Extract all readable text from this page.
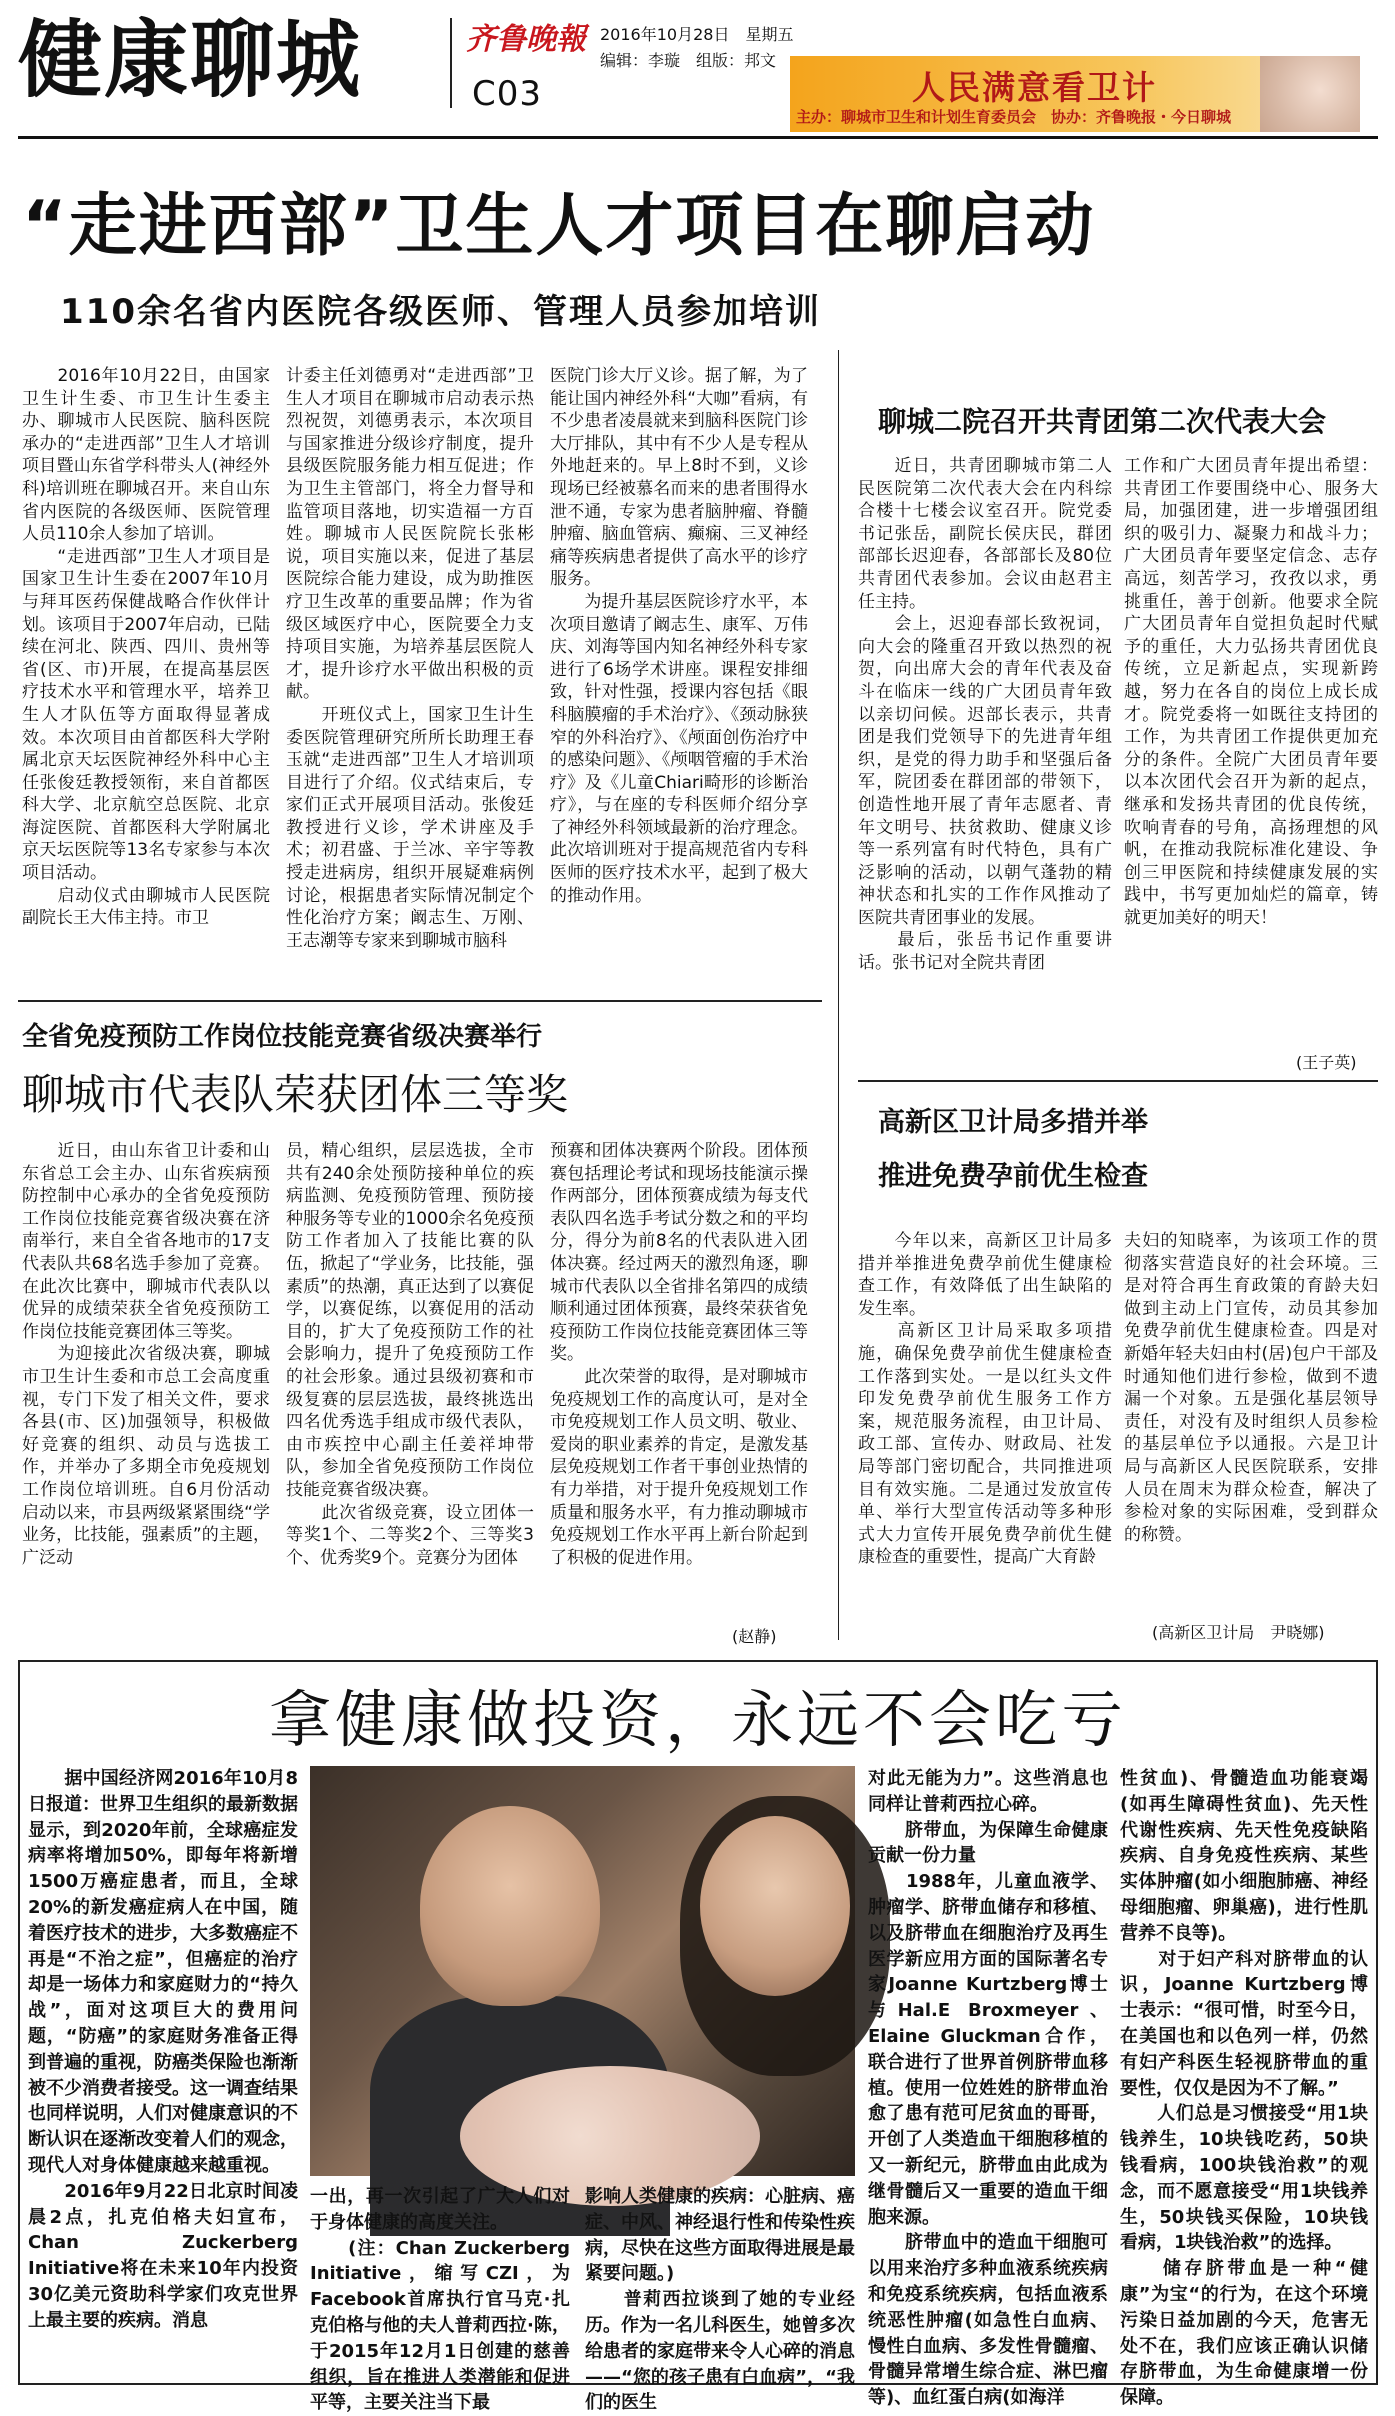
健康聊城	齐鲁晚報 2016年10月28日　星期五
编辑：李璇　组版：邦文
C03	人民满意看卫计
主办：聊城市卫生和计划生育委员会　协办：齐鲁晚报・今日聊城
“走进西部”卫生人才项目在聊启动
110余名省内医院各级医师、管理人员参加培训
　　2016年10月22日，由国家卫生计生委、市卫生计生委主办、聊城市人民医院、脑科医院承办的“走进西部”卫生人才培训项目暨山东省学科带头人(神经外科)培训班在聊城召开。来自山东省内医院的各级医师、医院管理人员110余人参加了培训。
　　“走进西部”卫生人才项目是国家卫生计生委在2007年10月与拜耳医药保健战略合作伙伴计划。该项目于2007年启动，已陆续在河北、陕西、四川、贵州等省(区、市)开展，在提高基层医疗技术水平和管理水平，培养卫生人才队伍等方面取得显著成效。本次项目由首都医科大学附属北京天坛医院神经外科中心主任张俊廷教授领衔，来自首都医科大学、北京航空总医院、北京海淀医院、首都医科大学附属北京天坛医院等13名专家参与本次项目活动。
　　启动仪式由聊城市人民医院副院长王大伟主持。市卫
计委主任刘德勇对“走进西部”卫生人才项目在聊城市启动表示热烈祝贺，刘德勇表示，本次项目与国家推进分级诊疗制度，提升县级医院服务能力相互促进；作为卫生主管部门，将全力督导和监管项目落地，切实造福一方百姓。聊城市人民医院院长张彬说，项目实施以来，促进了基层医院综合能力建设，成为助推医疗卫生改革的重要品牌；作为省级区域医疗中心，医院要全力支持项目实施，为培养基层医院人才，提升诊疗水平做出积极的贡献。
　　开班仪式上，国家卫生计生委医院管理研究所所长助理王春玉就“走进西部”卫生人才培训项目进行了介绍。仪式结束后，专家们正式开展项目活动。张俊廷教授进行义诊，学术讲座及手术；初君盛、于兰冰、辛宇等教授走进病房，组织开展疑难病例讨论，根据患者实际情况制定个性化治疗方案；阚志生、万刚、王志潮等专家来到聊城市脑科
医院门诊大厅义诊。据了解，为了能让国内神经外科“大咖”看病，有不少患者凌晨就来到脑科医院门诊大厅排队，其中有不少人是专程从外地赶来的。早上8时不到，义诊现场已经被慕名而来的患者围得水泄不通，专家为患者脑肿瘤、脊髓肿瘤、脑血管病、癫痫、三叉神经痛等疾病患者提供了高水平的诊疗服务。
　　为提升基层医院诊疗水平，本次项目邀请了阚志生、康军、万伟庆、刘海等国内知名神经外科专家进行了6场学术讲座。课程安排细致，针对性强，授课内容包括《眼科脑膜瘤的手术治疗》、《颈动脉狭窄的外科治疗》、《颅面创伤治疗中的感染问题》、《颅咽管瘤的手术治疗》及《儿童Chiari畸形的诊断治疗》，与在座的专科医师介绍分享了神经外科领域最新的治疗理念。此次培训班对于提高规范省内专科医师的医疗技术水平，起到了极大的推动作用。
聊城二院召开共青团第二次代表大会
　　近日，共青团聊城市第二人民医院第二次代表大会在内科综合楼十七楼会议室召开。院党委书记张岳，副院长侯庆民，群团部部长迟迎春，各部部长及80位共青团代表参加。会议由赵君主任主持。
　　会上，迟迎春部长致祝词，向大会的隆重召开致以热烈的祝贺，向出席大会的青年代表及奋斗在临床一线的广大团员青年致以亲切问候。迟部长表示，共青团是我们党领导下的先进青年组织，是党的得力助手和坚强后备军，院团委在群团部的带领下，创造性地开展了青年志愿者、青年文明号、扶贫救助、健康义诊等一系列富有时代特色，具有广泛影响的活动，以朝气蓬勃的精神状态和扎实的工作作风推动了医院共青团事业的发展。
　　最后，张岳书记作重要讲话。张书记对全院共青团
工作和广大团员青年提出希望：共青团工作要围绕中心、服务大局，加强团建，进一步增强团组织的吸引力、凝聚力和战斗力；广大团员青年要坚定信念、志存高远，刻苦学习，孜孜以求，勇挑重任，善于创新。他要求全院广大团员青年自觉担负起时代赋予的重任，大力弘扬共青团优良传统，立足新起点，实现新跨越，努力在各自的岗位上成长成才。院党委将一如既往支持团的工作，为共青团工作提供更加充分的条件。全院广大团员青年要以本次团代会召开为新的起点，继承和发扬共青团的优良传统，吹响青春的号角，高扬理想的风帆，在推动我院标准化建设、争创三甲医院和持续健康发展的实践中，书写更加灿烂的篇章，铸就更加美好的明天！
(王子英)
全省免疫预防工作岗位技能竞赛省级决赛举行
聊城市代表队荣获团体三等奖
　　近日，由山东省卫计委和山东省总工会主办、山东省疾病预防控制中心承办的全省免疫预防工作岗位技能竞赛省级决赛在济南举行，来自全省各地市的17支代表队共68名选手参加了竞赛。在此次比赛中，聊城市代表队以优异的成绩荣获全省免疫预防工作岗位技能竞赛团体三等奖。
　　为迎接此次省级决赛，聊城市卫生计生委和市总工会高度重视，专门下发了相关文件，要求各县(市、区)加强领导，积极做好竞赛的组织、动员与选拔工作，并举办了多期全市免疫规划工作岗位培训班。自6月份活动启动以来，市县两级紧紧围绕“学业务，比技能，强素质”的主题，广泛动
员，精心组织，层层选拔，全市共有240余处预防接种单位的疾病监测、免疫预防管理、预防接种服务等专业的1000余名免疫预防工作者加入了技能比赛的队伍，掀起了“学业务，比技能，强素质”的热潮，真正达到了以赛促学，以赛促练，以赛促用的活动目的，扩大了免疫预防工作的社会影响力，提升了免疫预防工作的社会形象。通过县级初赛和市级复赛的层层选拔，最终挑选出四名优秀选手组成市级代表队，由市疾控中心副主任姜祥坤带队，参加全省免疫预防工作岗位技能竞赛省级决赛。
　　此次省级竞赛，设立团体一等奖1个、二等奖2个、三等奖3个、优秀奖9个。竞赛分为团体
预赛和团体决赛两个阶段。团体预赛包括理论考试和现场技能演示操作两部分，团体预赛成绩为每支代表队四名选手考试分数之和的平均分，得分为前8名的代表队进入团体决赛。经过两天的激烈角逐，聊城市代表队以全省排名第四的成绩顺利通过团体预赛，最终荣获省免疫预防工作岗位技能竞赛团体三等奖。
　　此次荣誉的取得，是对聊城市免疫规划工作的高度认可，是对全市免疫规划工作人员文明、敬业、爱岗的职业素养的肯定，是激发基层免疫规划工作者干事创业热情的有力举措，对于提升免疫规划工作质量和服务水平，有力推动聊城市免疫规划工作水平再上新台阶起到了积极的促进作用。
(赵静)
高新区卫计局多措并举
推进免费孕前优生检查
　　今年以来，高新区卫计局多措并举推进免费孕前优生健康检查工作，有效降低了出生缺陷的发生率。
　　高新区卫计局采取多项措施，确保免费孕前优生健康检查工作落到实处。一是以红头文件印发免费孕前优生服务工作方案，规范服务流程，由卫计局、政工部、宣传办、财政局、社发局等部门密切配合，共同推进项目有效实施。二是通过发放宣传单、举行大型宣传活动等多种形式大力宣传开展免费孕前优生健康检查的重要性，提高广大育龄
夫妇的知晓率，为该项工作的贯彻落实营造良好的社会环境。三是对符合再生育政策的育龄夫妇做到主动上门宣传，动员其参加免费孕前优生健康检查。四是对新婚年轻夫妇由村(居)包户干部及时通知他们进行参检，做到不遗漏一个对象。五是强化基层领导责任，对没有及时组织人员参检的基层单位予以通报。六是卫计局与高新区人民医院联系，安排人员在周末为群众检查，解决了参检对象的实际困难，受到群众的称赞。
(高新区卫计局　尹晓娜)
拿健康做投资，永远不会吃亏
　　据中国经济网2016年10月8日报道：世界卫生组织的最新数据显示，到2020年前，全球癌症发病率将增加50%，即每年将新增1500万癌症患者，而且，全球20%的新发癌症病人在中国，随着医疗技术的进步，大多数癌症不再是“不治之症”，但癌症的治疗却是一场体力和家庭财力的“持久战”，面对这项巨大的费用问题，“防癌”的家庭财务准备正得到普遍的重视，防癌类保险也渐渐被不少消费者接受。这一调查结果也同样说明，人们对健康意识的不断认识在逐渐改变着人们的观念，现代人对身体健康越来越重视。
　　2016年9月22日北京时间凌晨2点，扎克伯格夫妇宣布，Chan Zuckerberg Initiative将在未来10年内投资30亿美元资助科学家们攻克世界上最主要的疾病。消息
一出，再一次引起了广大人们对于身体健康的高度关注。
　　(注：Chan Zuckerberg Initiative，缩写CZI，为Facebook首席执行官马克·扎克伯格与他的夫人普莉西拉·陈，于2015年12月1日创建的慈善组织，旨在推进人类潜能和促进平等，主要关注当下最
影响人类健康的疾病：心脏病、癌症、中风、神经退行性和传染性疾病，尽快在这些方面取得进展是最紧要问题。)
　　普莉西拉谈到了她的专业经历。作为一名儿科医生，她曾多次给患者的家庭带来令人心碎的消息——“您的孩子患有白血病”，“我们的医生
对此无能为力”。这些消息也同样让普莉西拉心碎。
　　脐带血，为保障生命健康贡献一份力量
　　1988年，儿童血液学、肿瘤学、脐带血储存和移植、以及脐带血在细胞治疗及再生医学新应用方面的国际著名专家Joanne Kurtzberg博士与Hal.E Broxmeyer、Elaine Gluckman合作，联合进行了世界首例脐带血移植。使用一位姓姓的脐带血治愈了患有范可尼贫血的哥哥，开创了人类造血干细胞移植的又一新纪元，脐带血由此成为继骨髓后又一重要的造血干细胞来源。
　　脐带血中的造血干细胞可以用来治疗多种血液系统疾病和免疫系统疾病，包括血液系统恶性肿瘤(如急性白血病、慢性白血病、多发性骨髓瘤、骨髓异常增生综合症、淋巴瘤等)、血红蛋白病(如海洋
性贫血)、骨髓造血功能衰竭(如再生障碍性贫血)、先天性代谢性疾病、先天性免疫缺陷疾病、自身免疫性疾病、某些实体肿瘤(如小细胞肺癌、神经母细胞瘤、卵巢癌)，进行性肌营养不良等)。
　　对于妇产科对脐带血的认识，Joanne Kurtzberg博士表示：“很可惜，时至今日，在美国也和以色列一样，仍然有妇产科医生轻视脐带血的重要性，仅仅是因为不了解。”
　　人们总是习惯接受“用1块钱养生，10块钱吃药，50块钱看病，100块钱治救”的观念，而不愿意接受“用1块钱养生，50块钱买保险，10块钱看病，1块钱治救”的选择。
　　储存脐带血是一种“健康”为宝“的行为，在这个环境污染日益加剧的今天，危害无处不在，我们应该正确认识储存脐带血，为生命健康增一份保障。
